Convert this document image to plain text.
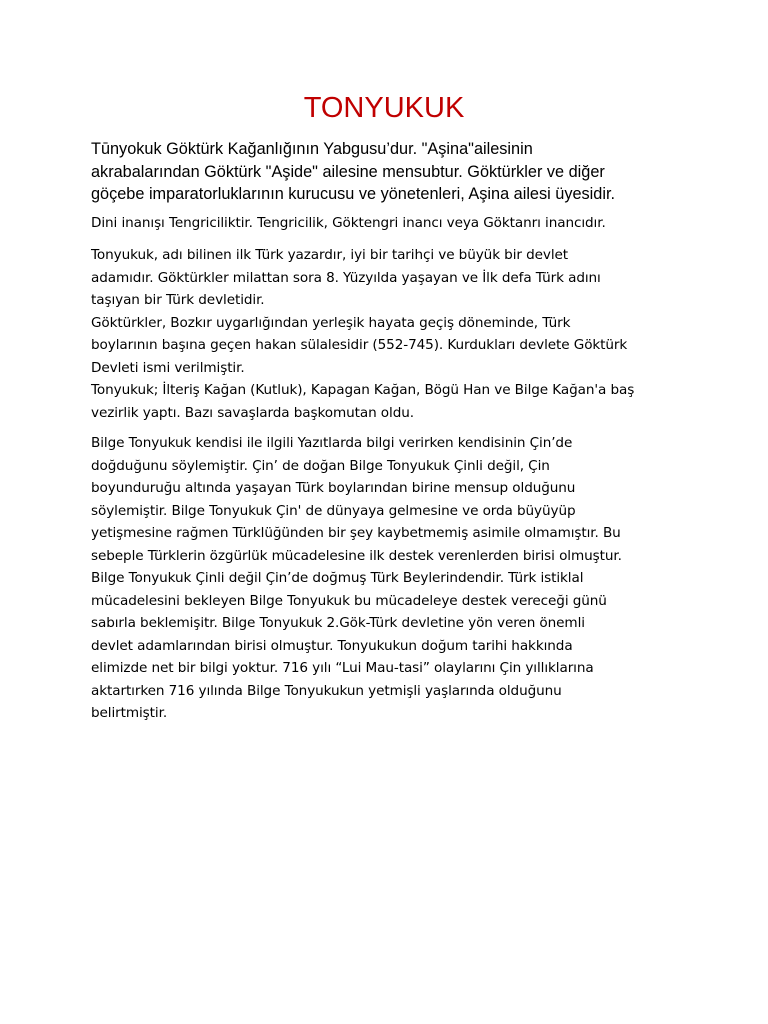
TONYUKUK

Tūnyokuk Göktürk Kağanlığının Yabgusu’dur. "Aşina"ailesinin
akrabalarından Göktürk "Aşide" ailesine mensubtur. Göktürkler ve diğer
göçebe imparatorluklarının kurucusu ve yönetenleri, Aşina ailesi üyesidir.

Dini inanışı Tengricilikti̇r. Tengricilik, Göktengri inancı veya Göktanrı inancıdır.

Tonyukuk, adı bilinen ilk Türk yazardır, iyi bir tarihçi ve büyük bir devlet
adamıdır. Göktürkler milattan sora 8. Yüzyılda yaşayan ve İlk defa Türk adını
taşıyan bir Türk devletidir.
Göktürkler, Bozkır uygarlığından yerleşik hayata geçiş döneminde, Türk
boylarının başına geçen hakan sülalesidir (552-745). Kurdukları devlete Göktürk
Devleti ismi verilmiştir.
Tonyukuk; İlteriş Kağan (Kutluk), Kapagan Kağan, Bögü Han ve Bilge Kağan'a baş
vezirlik yaptı. Bazı savaşlarda başkomutan oldu.

Bilge Tonyukuk kendisi ile ilgili Yazıtlarda bilgi verirken kendisinin Çin’de
doğduğunu söylemiştir. Çin’ de doğan Bilge Tonyukuk Çinli değil, Çin
boyunduruğu altında yaşayan Türk boylarından birine mensup olduğunu
söylemiştir. Bilge Tonyukuk Çin' de dünyaya gelmesine ve orda büyüyüp
yetişmesine rağmen Türklüğünden bir şey kaybetmemiş asimile olmamıştır. Bu
sebeple Türklerin özgürlük mücadelesine ilk destek verenlerden birisi olmuştur.
Bilge Tonyukuk Çinli değil Çin’de doğmuş Türk Beylerindendir. Türk istiklal
mücadelesini bekleyen Bilge Tonyukuk bu mücadeleye destek vereceği günü
sabırla beklemişitr. Bilge Tonyukuk 2.Gök-Türk devletine yön veren önemli
devlet adamlarından birisi olmuştur. Tonyukukun doğum tarihi hakkında
elimizde net bir bilgi yoktur. 716 yılı “Lui Mau-tasi” olaylarını Çin yıllıklarına
aktartırken 716 yılında Bilge Tonyukukun yetmişli yaşlarında olduğunu
belirtmiştir.
